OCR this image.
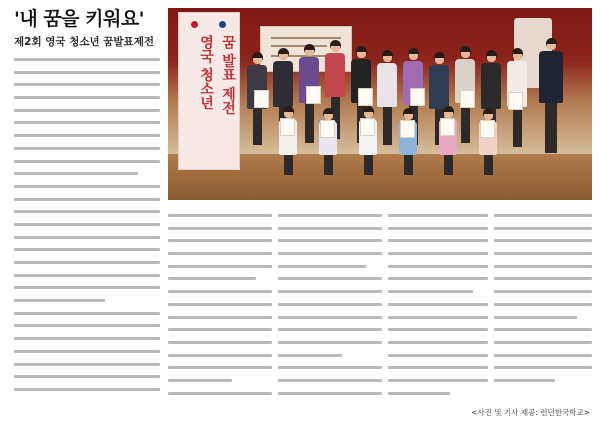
'내 꿈을 키워요'
제2회 영국 청소년 꿈발표제전	영국 청소년 꿈 발표 제전
<사진 및 기사 제공: 런던한국학교>
